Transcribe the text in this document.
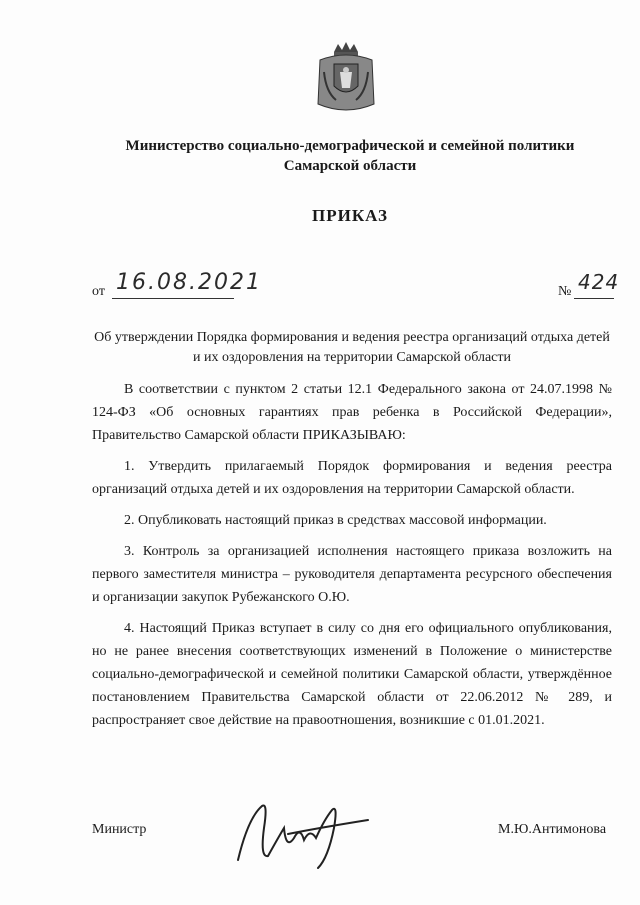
Министерство социально-демографической и семейной политики
Самарской области
ПРИКАЗ
от 16.08.2021	№ 424
Об утверждении Порядка формирования и ведения реестра организаций отдыха детей и их оздоровления на территории Самарской области

В соответствии с пунктом 2 статьи 12.1 Федерального закона от 24.07.1998 № 124-ФЗ «Об основных гарантиях прав ребенка в Российской Федерации», Правительство Самарской области ПРИКАЗЫВАЮ:

1. Утвердить прилагаемый Порядок формирования и ведения реестра организаций отдыха детей и их оздоровления на территории Самарской области.

2. Опубликовать настоящий приказ в средствах массовой информации.

3. Контроль за организацией исполнения настоящего приказа возложить на первого заместителя министра – руководителя департамента ресурсного обеспечения и организации закупок Рубежанского О.Ю.

4. Настоящий Приказ вступает в силу со дня его официального опубликования, но не ранее внесения соответствующих изменений в Положение о министерстве социально-демографической и семейной политики Самарской области, утверждённое постановлением Правительства Самарской области от 22.06.2012 № 289, и распространяет свое действие на правоотношения, возникшие с 01.01.2021.

Министр	М.Ю.Антимонова
